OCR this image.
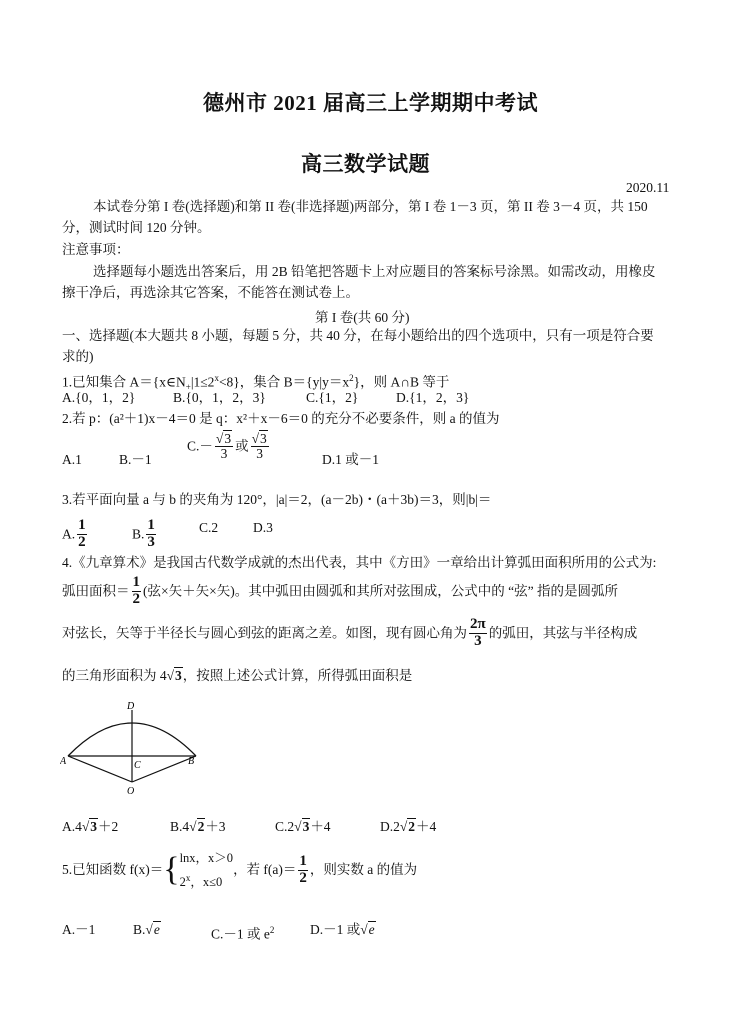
德州市 2021 届高三上学期期中考试
高三数学试题
2020.11
本试卷分第 I 卷(选择题)和第 II 卷(非选择题)两部分，第 I 卷 1－3 页，第 II 卷 3－4 页，共 150
分，测试时间 120 分钟。
注意事项：
选择题每小题选出答案后，用 2B 铅笔把答题卡上对应题目的答案标号涂黑。如需改动，用橡皮
擦干净后，再选涂其它答案，不能答在测试卷上。
第 I 卷(共 60 分)
一、选择题(本大题共 8 小题，每题 5 分，共 40 分，在每小题给出的四个选项中，只有一项是符合要
求的)
1.已知集合 $A=\{x\in N_+|1\le 2^x<8\}$，集合 $B=\{y|y=x^2\}$，则 A∩B 等于
A.{0，1，2}	B.{0，1，2，3}	C.{1，2}	D.{1，2，3}
2.若 p：(a²＋1)x－4＝0 是 q：x²＋x－6＝0 的充分不必要条件，则 a 的值为
A.1	B.－1
$C.- \frac{√3}{3}$ 或 $\frac{√3}{3}$	D.1 或－1
3.若平面向量 a 与 b 的夹角为 120°，|a|＝2，(a－2b)・(a＋3b)＝3，则|b|＝
A. $\frac{1}{2}$	B. $\frac{1}{3}$	C.2	D.3
4.《九章算术》是我国古代数学成就的杰出代表，其中《方田》一章给出计算弧田面积所用的公式为:
弧田面积＝ $\frac{1}{2}$ (弦×矢＋矢×矢)。其中弧田由圆弧和其所对弦围成，公式中的 “弦” 指的是圆弧所
对弦长，矢等于半径长与圆心到弦的距离之差。如图，现有圆心角为 $\frac{2\pi}{3}$ 的弧田，其弦与半径构成
的三角形面积为 4√3，按照上述公式计算，所得弧田面积是
D
A	C	B
O
A.4√3＋2	B.4√2＋3	C.2√3＋4	D.2√2＋4
5.已知函数 f(x)＝{ lnx，x＞0
2$^x$，x≤0
，若 $f(a)= \frac{1}{2}$ ，则实数 a 的值为
A.－1	B.√e	C.－1 或 $e^2$	D.－1 或√e
